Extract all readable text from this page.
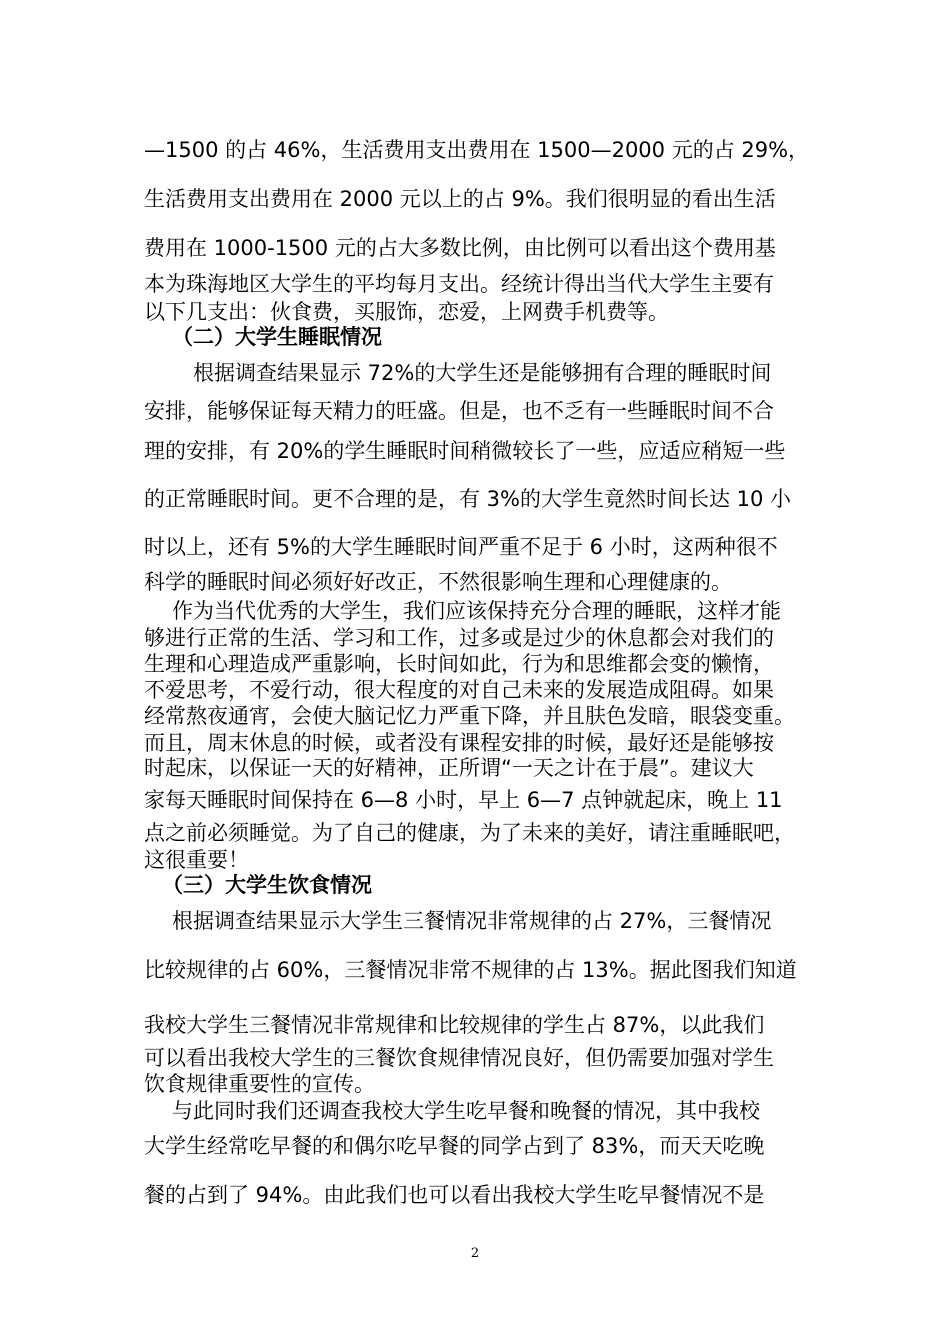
—1500 的占 46%，生活费用支出费用在 1500—2000 元的占 29%，
生活费用支出费用在 2000 元以上的占 9%。我们很明显的看出生活
费用在 1000-1500 元的占大多数比例，由比例可以看出这个费用基
本为珠海地区大学生的平均每月支出。经统计得出当代大学生主要有
以下几支出：伙食费，买服饰，恋爱，上网费手机费等。
（二）大学生睡眠情况
根据调查结果显示 72%的大学生还是能够拥有合理的睡眠时间
安排，能够保证每天精力的旺盛。但是，也不乏有一些睡眠时间不合
理的安排，有 20%的学生睡眠时间稍微较长了一些，应适应稍短一些
的正常睡眠时间。更不合理的是，有 3%的大学生竟然时间长达 10 小
时以上，还有 5%的大学生睡眠时间严重不足于 6 小时，这两种很不
科学的睡眠时间必须好好改正，不然很影响生理和心理健康的。
作为当代优秀的大学生，我们应该保持充分合理的睡眠，这样才能
够进行正常的生活、学习和工作，过多或是过少的休息都会对我们的
生理和心理造成严重影响，长时间如此，行为和思维都会变的懒惰，
不爱思考，不爱行动，很大程度的对自己未来的发展造成阻碍。如果
经常熬夜通宵，会使大脑记忆力严重下降，并且肤色发暗，眼袋变重。
而且，周末休息的时候，或者没有课程安排的时候，最好还是能够按
时起床，以保证一天的好精神，正所谓“一天之计在于晨”。建议大
家每天睡眠时间保持在 6—8 小时，早上 6—7 点钟就起床，晚上 11
点之前必须睡觉。为了自己的健康，为了未来的美好，请注重睡眠吧，
这很重要！
（三）大学生饮食情况
根据调查结果显示大学生三餐情况非常规律的占 27%，三餐情况
比较规律的占 60%，三餐情况非常不规律的占 13%。据此图我们知道
我校大学生三餐情况非常规律和比较规律的学生占 87%，以此我们
可以看出我校大学生的三餐饮食规律情况良好，但仍需要加强对学生
饮食规律重要性的宣传。
与此同时我们还调查我校大学生吃早餐和晚餐的情况，其中我校
大学生经常吃早餐的和偶尔吃早餐的同学占到了 83%，而天天吃晚
餐的占到了 94%。由此我们也可以看出我校大学生吃早餐情况不是
2
